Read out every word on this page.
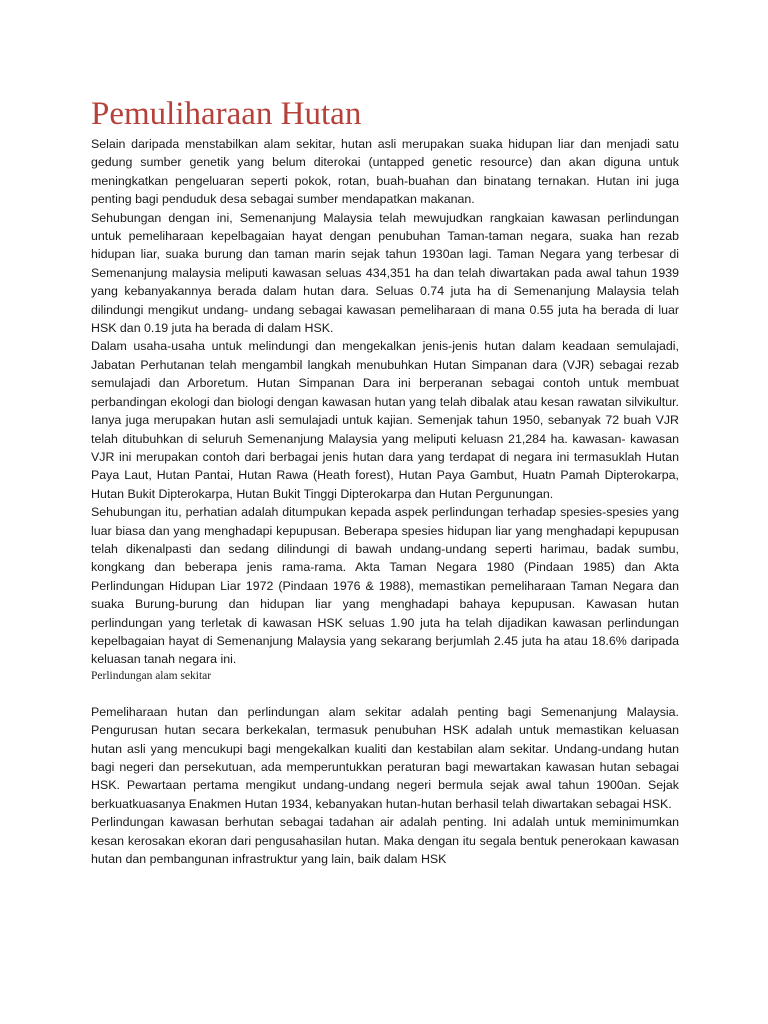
Pemuliharaan Hutan

Selain daripada menstabilkan alam sekitar, hutan asli merupakan suaka hidupan liar dan menjadi satu gedung sumber genetik yang belum diterokai (untapped genetic resource) dan akan diguna untuk meningkatkan pengeluaran seperti pokok, rotan, buah-buahan dan binatang ternakan. Hutan ini juga penting bagi penduduk desa sebagai sumber mendapatkan makanan.

Sehubungan dengan ini, Semenanjung Malaysia telah mewujudkan rangkaian kawasan perlindungan untuk pemeliharaan kepelbagaian hayat dengan penubuhan Taman-taman negara, suaka han rezab hidupan liar, suaka burung dan taman marin sejak tahun 1930an lagi. Taman Negara yang terbesar di Semenanjung malaysia meliputi kawasan seluas 434,351 ha dan telah diwartakan pada awal tahun 1939 yang kebanyakannya berada dalam hutan dara. Seluas 0.74 juta ha di Semenanjung Malaysia telah dilindungi mengikut undang- undang sebagai kawasan pemeliharaan di mana 0.55 juta ha berada di luar HSK dan 0.19 juta ha berada di dalam HSK.

Dalam usaha-usaha untuk melindungi dan mengekalkan jenis-jenis hutan dalam keadaan semulajadi, Jabatan Perhutanan telah mengambil langkah menubuhkan Hutan Simpanan dara (VJR) sebagai rezab semulajadi dan Arboretum. Hutan Simpanan Dara ini berperanan sebagai contoh untuk membuat perbandingan ekologi dan biologi dengan kawasan hutan yang telah dibalak atau kesan rawatan silvikultur. Ianya juga merupakan hutan asli semulajadi untuk kajian. Semenjak tahun 1950, sebanyak 72 buah VJR telah ditubuhkan di seluruh Semenanjung Malaysia yang meliputi keluasn 21,284 ha. kawasan- kawasan VJR ini merupakan contoh dari berbagai jenis hutan dara yang terdapat di negara ini termasuklah Hutan Paya Laut, Hutan Pantai, Hutan Rawa (Heath forest), Hutan Paya Gambut, Huatn Pamah Dipterokarpa, Hutan Bukit Dipterokarpa, Hutan Bukit Tinggi Dipterokarpa dan Hutan Pergunungan.

Sehubungan itu, perhatian adalah ditumpukan kepada aspek perlindungan terhadap spesies-spesies yang luar biasa dan yang menghadapi kepupusan. Beberapa spesies hidupan liar yang menghadapi kepupusan telah dikenalpasti dan sedang dilindungi di bawah undang-undang seperti harimau, badak sumbu, kongkang dan beberapa jenis rama-rama. Akta Taman Negara 1980 (Pindaan 1985) dan Akta Perlindungan Hidupan Liar 1972 (Pindaan 1976 & 1988), memastikan pemeliharaan Taman Negara dan suaka Burung-burung dan hidupan liar yang menghadapi bahaya kepupusan. Kawasan hutan perlindungan yang terletak di kawasan HSK seluas 1.90 juta ha telah dijadikan kawasan perlindungan kepelbagaian hayat di Semenanjung Malaysia yang sekarang berjumlah 2.45 juta ha atau 18.6% daripada keluasan tanah negara ini.

Perlindungan alam sekitar

Pemeliharaan hutan dan perlindungan alam sekitar adalah penting bagi Semenanjung Malaysia. Pengurusan hutan secara berkekalan, termasuk penubuhan HSK adalah untuk memastikan keluasan hutan asli yang mencukupi bagi mengekalkan kualiti dan kestabilan alam sekitar. Undang-undang hutan bagi negeri dan persekutuan, ada memperuntukkan peraturan bagi mewartakan kawasan hutan sebagai HSK. Pewartaan pertama mengikut undang-undang negeri bermula sejak awal tahun 1900an. Sejak berkuatkuasanya Enakmen Hutan 1934, kebanyakan hutan-hutan berhasil telah diwartakan sebagai HSK.

Perlindungan kawasan berhutan sebagai tadahan air adalah penting. Ini adalah untuk meminimumkan kesan kerosakan ekoran dari pengusahasilan hutan. Maka dengan itu segala bentuk penerokaan kawasan hutan dan pembangunan infrastruktur yang lain, baik dalam HSK
